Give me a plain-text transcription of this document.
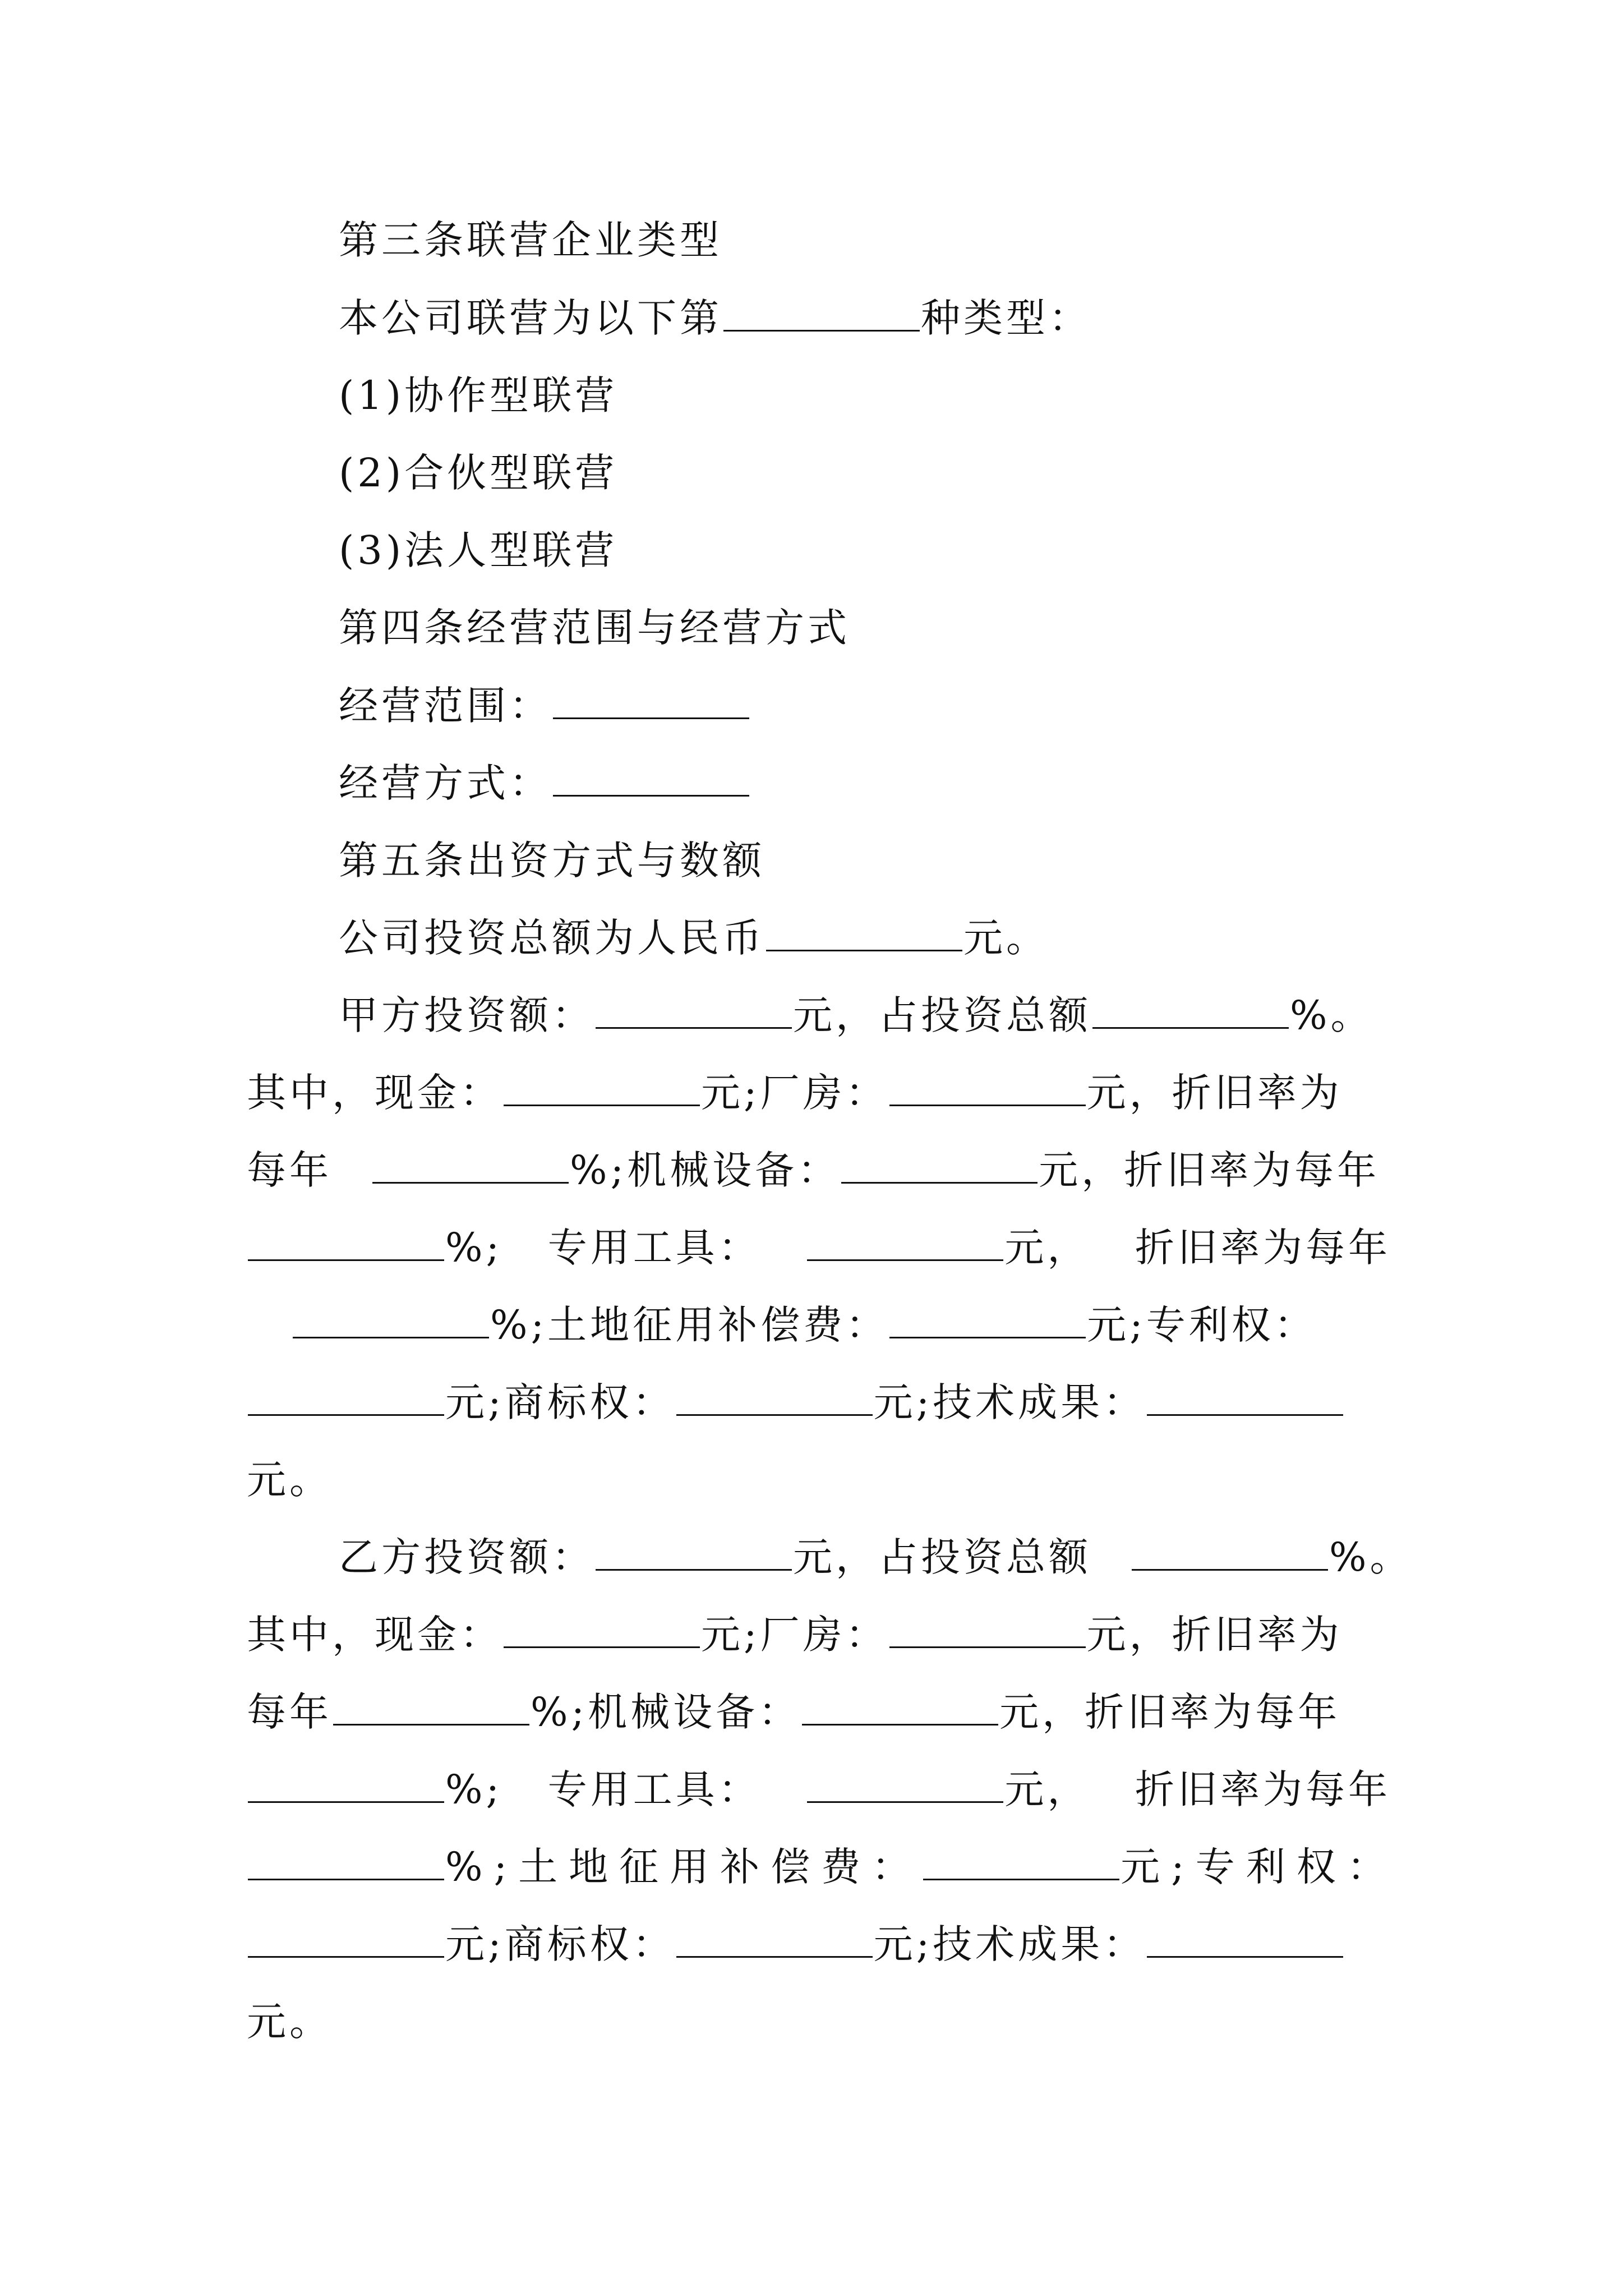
第三条联营企业类型
本公司联营为以下第	种类型：
(1)协作型联营
(2)合伙型联营
(3)法人型联营
第四条经营范围与经营方式
经营范围：
经营方式：
第五条出资方式与数额
公司投资总额为人民币	元。
甲方投资额：	元，占投资总额	%。
其中，现金：	元;厂房：	元，折旧率为
每年	%;机械设备：	元，折旧率为每年
%; 专用工具：	元， 折旧率为每年
%;土地征用补偿费：	元;专利权：
元;商标权：	元;技术成果：
元。
乙方投资额：	元，占投资总额	%。
其中，现金：	元;厂房：	元，折旧率为
每年	%;机械设备：	元，折旧率为每年
%; 专用工具：	元， 折旧率为每年
%;土地征用补偿费：	元;专利权：
元;商标权：	元;技术成果：
元。
